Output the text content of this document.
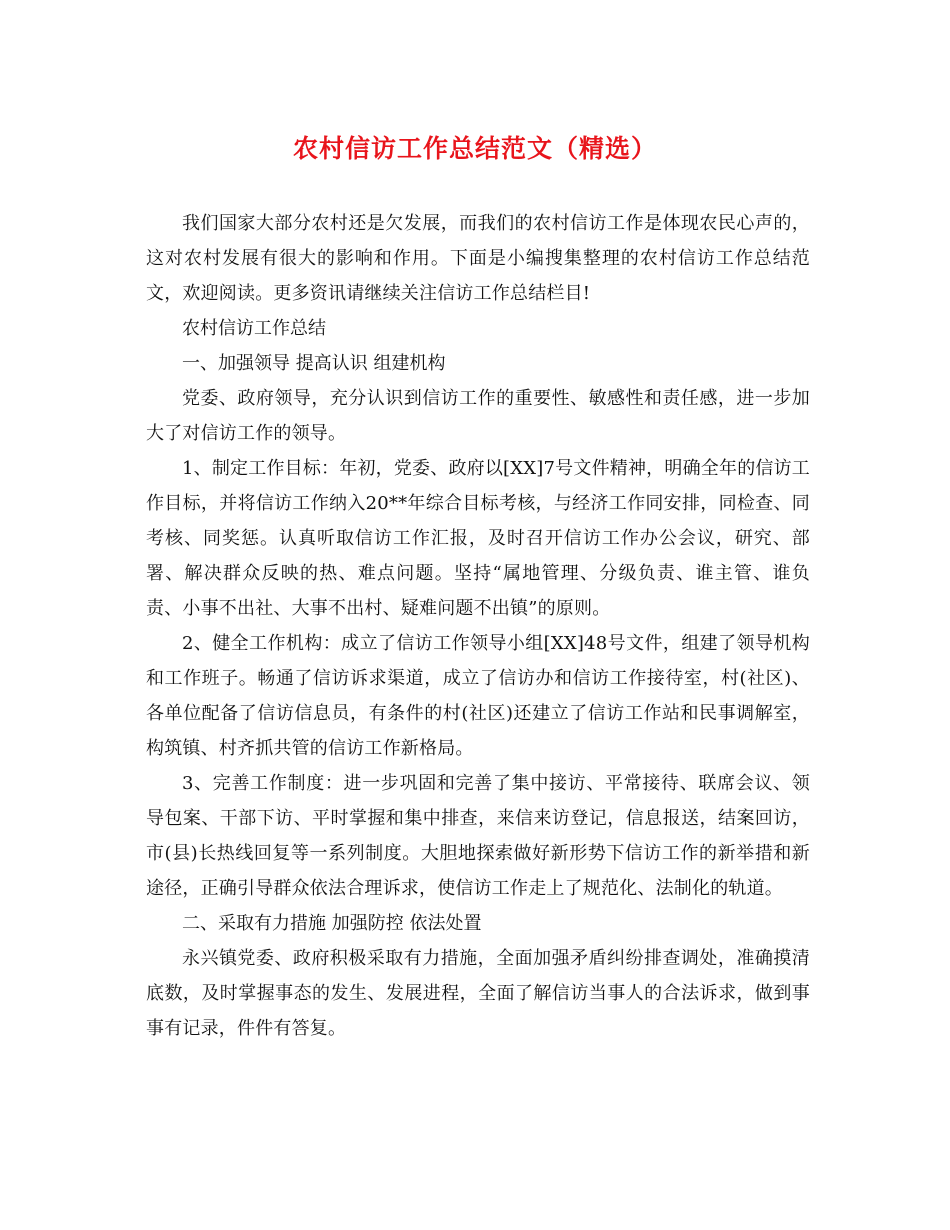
农村信访工作总结范文（精选）

我们国家大部分农村还是欠发展，而我们的农村信访工作是体现农民心声的，这对农村发展有很大的影响和作用。下面是小编搜集整理的农村信访工作总结范文，欢迎阅读。更多资讯请继续关注信访工作总结栏目!

农村信访工作总结

一、加强领导 提高认识 组建机构

党委、政府领导，充分认识到信访工作的重要性、敏感性和责任感，进一步加大了对信访工作的领导。

1、制定工作目标：年初，党委、政府以[XX]7号文件精神，明确全年的信访工作目标，并将信访工作纳入20**年综合目标考核，与经济工作同安排，同检查、同考核、同奖惩。认真听取信访工作汇报，及时召开信访工作办公会议，研究、部署、解决群众反映的热、难点问题。坚持“属地管理、分级负责、谁主管、谁负责、小事不出社、大事不出村、疑难问题不出镇”的原则。

2、健全工作机构：成立了信访工作领导小组[XX]48号文件，组建了领导机构和工作班子。畅通了信访诉求渠道，成立了信访办和信访工作接待室，村(社区)、各单位配备了信访信息员，有条件的村(社区)还建立了信访工作站和民事调解室，构筑镇、村齐抓共管的信访工作新格局。

3、完善工作制度：进一步巩固和完善了集中接访、平常接待、联席会议、领导包案、干部下访、平时掌握和集中排查，来信来访登记，信息报送，结案回访，市(县)长热线回复等一系列制度。大胆地探索做好新形势下信访工作的新举措和新途径，正确引导群众依法合理诉求，使信访工作走上了规范化、法制化的轨道。

二、采取有力措施 加强防控 依法处置

永兴镇党委、政府积极采取有力措施，全面加强矛盾纠纷排查调处，准确摸清底数，及时掌握事态的发生、发展进程，全面了解信访当事人的合法诉求，做到事事有记录，件件有答复。
